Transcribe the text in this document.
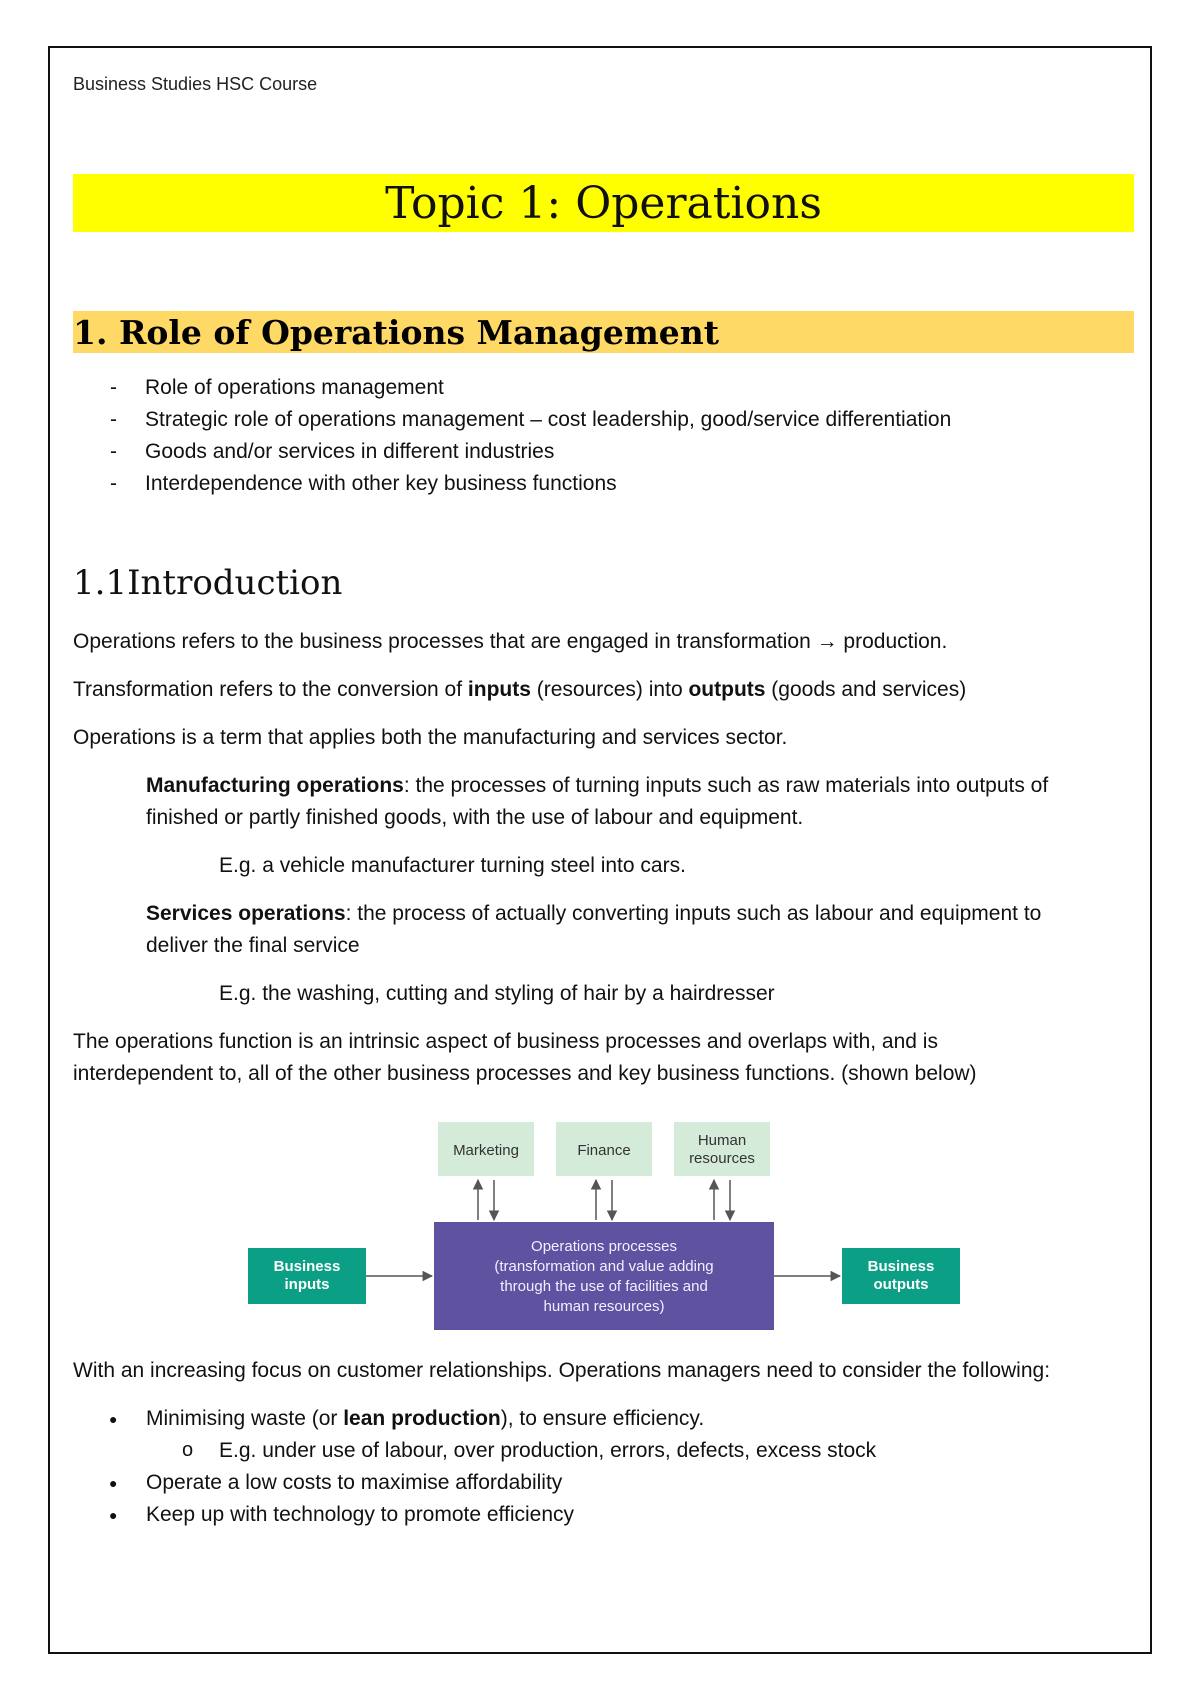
Business Studies HSC Course
Topic 1: Operations
1. Role of Operations Management
- Role of operations management
- Strategic role of operations management – cost leadership, good/service differentiation
- Goods and/or services in different industries
- Interdependence with other key business functions
1.1Introduction
Operations refers to the business processes that are engaged in transformation → production.
Transformation refers to the conversion of inputs (resources) into outputs (goods and services)
Operations is a term that applies both the manufacturing and services sector.
Manufacturing operations: the processes of turning inputs such as raw materials into outputs of finished or partly finished goods, with the use of labour and equipment.
E.g. a vehicle manufacturer turning steel into cars.
Services operations: the process of actually converting inputs such as labour and equipment to deliver the final service
E.g. the washing, cutting and styling of hair by a hairdresser
The operations function is an intrinsic aspect of business processes and overlaps with, and is interdependent to, all of the other business processes and key business functions. (shown below)
Marketing	Finance
Human resources
Operations processes
(transformation and value adding
through the use of facilities and
human resources)
Business inputs
Business outputs
With an increasing focus on customer relationships. Operations managers need to consider the following:
● Minimising waste (or lean production), to ensure efficiency.
o E.g. under use of labour, over production, errors, defects, excess stock
● Operate a low costs to maximise affordability
● Keep up with technology to promote efficiency
